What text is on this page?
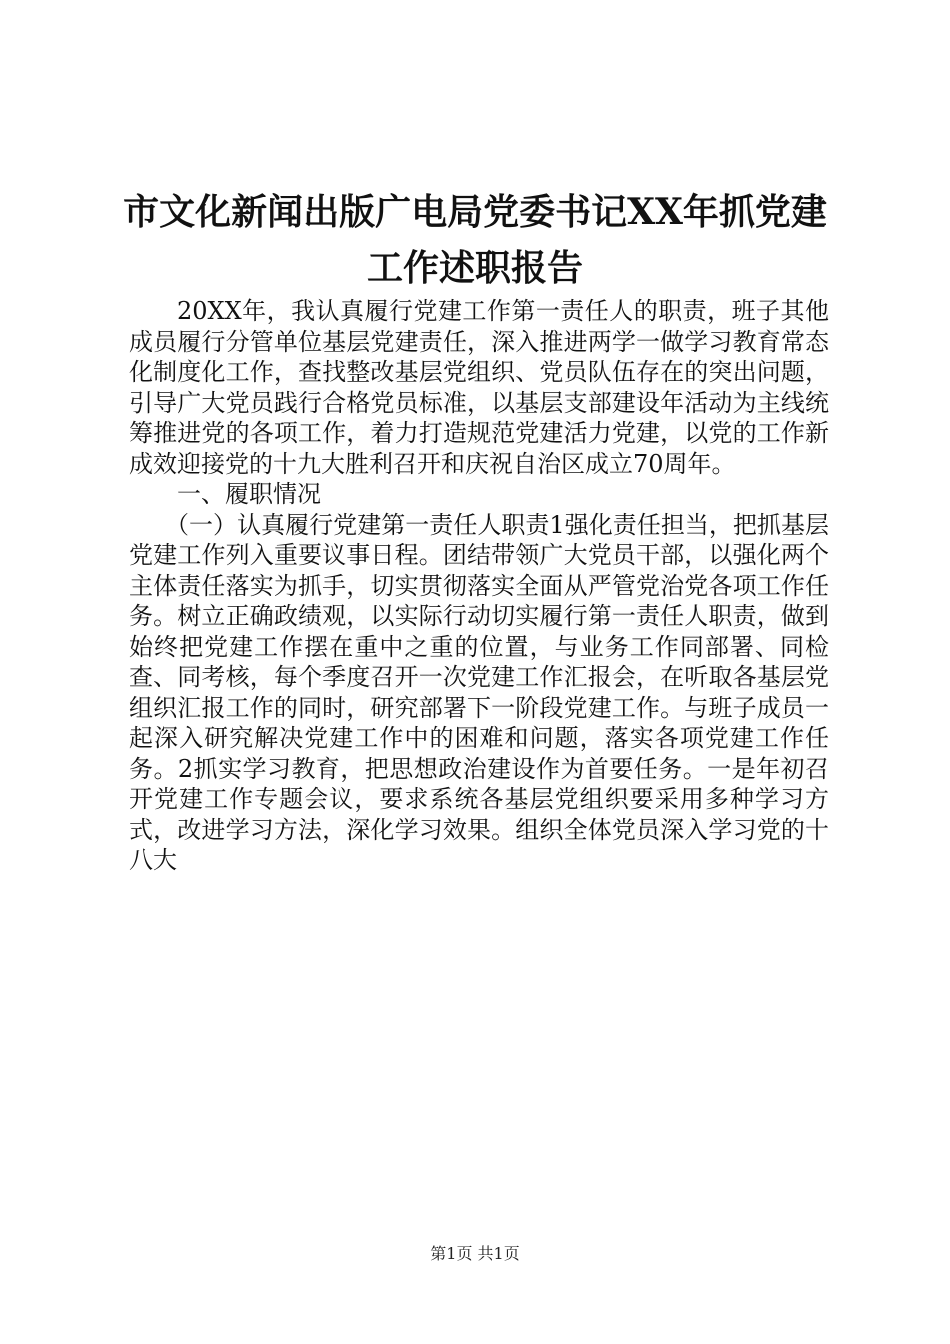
市文化新闻出版广电局党委书记XX年抓党建
工作述职报告

20XX年，我认真履行党建工作第一责任人的职责，班子其他成员履行分管单位基层党建责任，深入推进两学一做学习教育常态化制度化工作，查找整改基层党组织、党员队伍存在的突出问题，引导广大党员践行合格党员标准，以基层支部建设年活动为主线统筹推进党的各项工作，着力打造规范党建活力党建，以党的工作新成效迎接党的十九大胜利召开和庆祝自治区成立70周年。

一、履职情况

（一）认真履行党建第一责任人职责1强化责任担当，把抓基层党建工作列入重要议事日程。团结带领广大党员干部，以强化两个主体责任落实为抓手，切实贯彻落实全面从严管党治党各项工作任务。树立正确政绩观，以实际行动切实履行第一责任人职责，做到始终把党建工作摆在重中之重的位置，与业务工作同部署、同检查、同考核，每个季度召开一次党建工作汇报会，在听取各基层党组织汇报工作的同时，研究部署下一阶段党建工作。与班子成员一起深入研究解决党建工作中的困难和问题，落实各项党建工作任务。2抓实学习教育，把思想政治建设作为首要任务。一是年初召开党建工作专题会议，要求系统各基层党组织要采用多种学习方式，改进学习方法，深化学习效果。组织全体党员深入学习党的十八大

第1页 共1页
